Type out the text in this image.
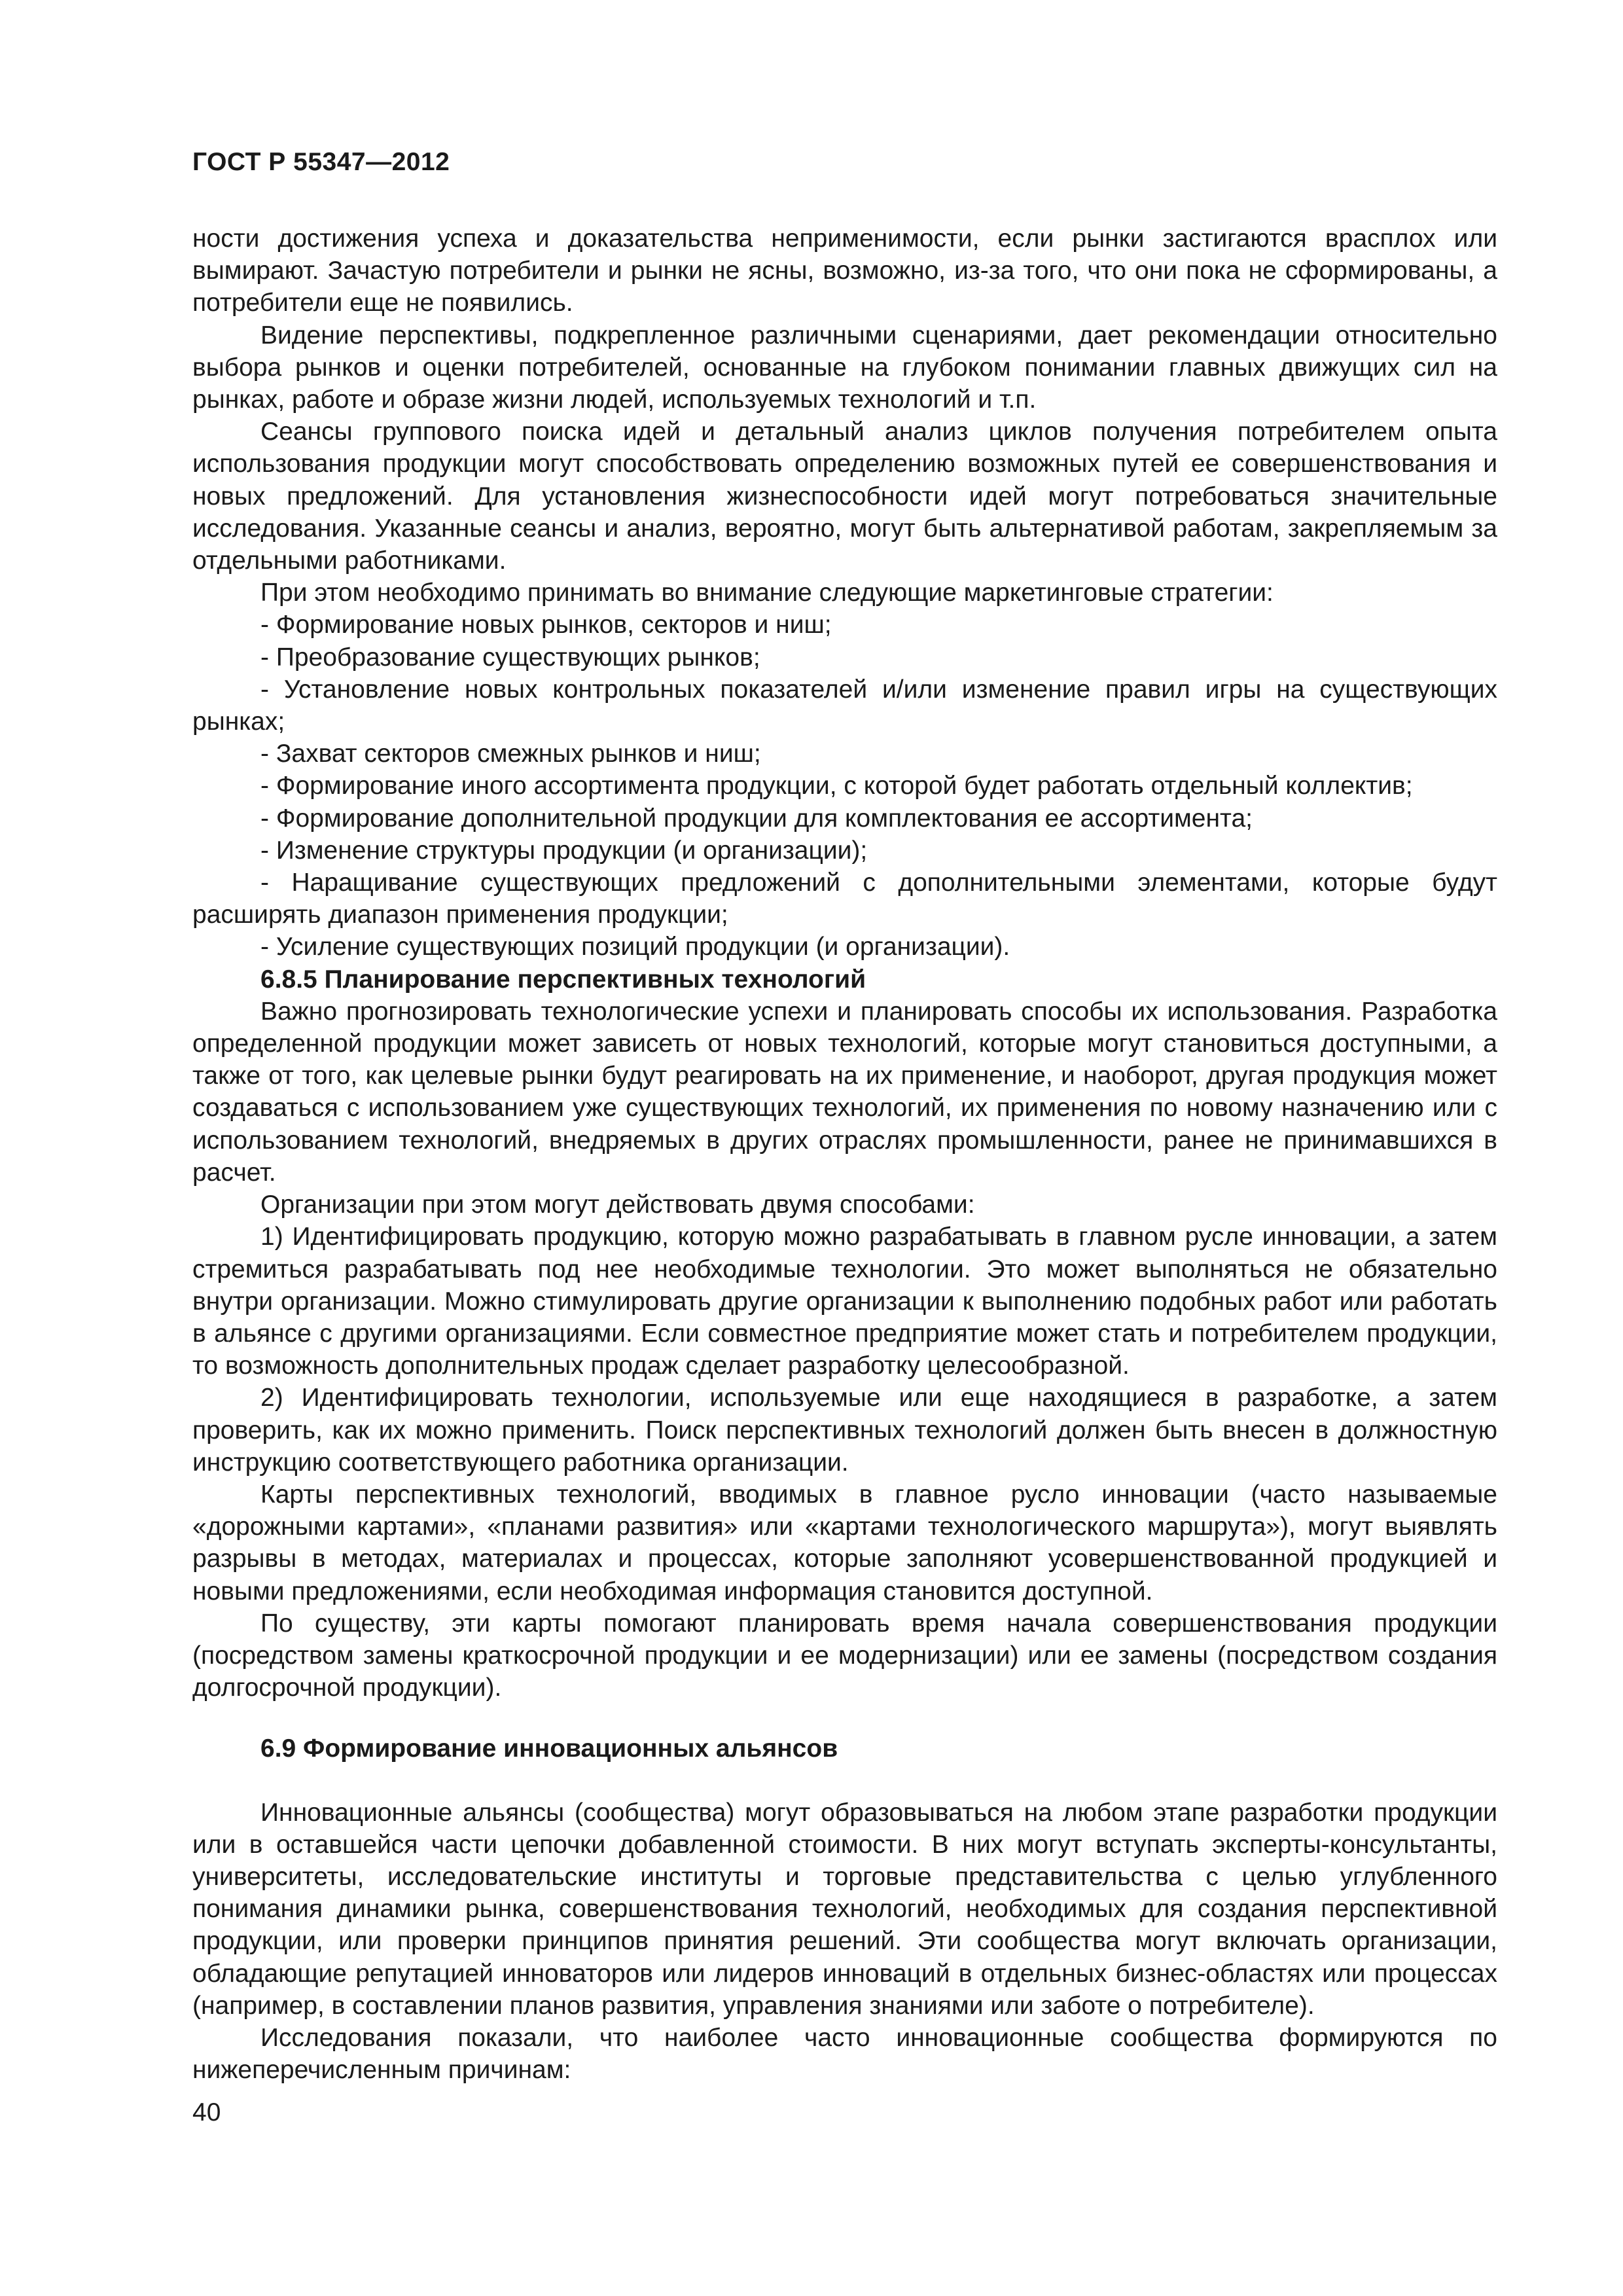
ГОСТ Р 55347—2012

ности достижения успеха и доказательства неприменимости, если рынки застигаются врасплох или вымирают. Зачастую потребители и рынки не ясны, возможно, из-за того, что они пока не сформированы, а потребители еще не появились.

Видение перспективы, подкрепленное различными сценариями, дает рекомендации относительно выбора рынков и оценки потребителей, основанные на глубоком понимании главных движущих сил на рынках, работе и образе жизни людей, используемых технологий и т.п.

Сеансы группового поиска идей и детальный анализ циклов получения потребителем опыта использования продукции могут способствовать определению возможных путей ее совершенствования и новых предложений. Для установления жизнеспособности идей могут потребоваться значительные исследования. Указанные сеансы и анализ, вероятно, могут быть альтернативой работам, закрепляемым за отдельными работниками.

При этом необходимо принимать во внимание следующие маркетинговые стратегии:

- Формирование новых рынков, секторов и ниш;

- Преобразование существующих рынков;

- Установление новых контрольных показателей и/или изменение правил игры на существующих рынках;

- Захват секторов смежных рынков и ниш;

- Формирование иного ассортимента продукции, с которой будет работать отдельный коллектив;

- Формирование дополнительной продукции для комплектования ее ассортимента;

- Изменение структуры продукции (и организации);

- Наращивание существующих предложений с дополнительными элементами, которые будут расширять диапазон применения продукции;

- Усиление существующих позиций продукции (и организации).

6.8.5 Планирование перспективных технологий

Важно прогнозировать технологические успехи и планировать способы их использования. Разработка определенной продукции может зависеть от новых технологий, которые могут становиться доступными, а также от того, как целевые рынки будут реагировать на их применение, и наоборот, другая продукция может создаваться с использованием уже существующих технологий, их применения по новому назначению или с использованием технологий, внедряемых в других отраслях промышленности, ранее не принимавшихся в расчет.

Организации при этом могут действовать двумя способами:

1) Идентифицировать продукцию, которую можно разрабатывать в главном русле инновации, а затем стремиться разрабатывать под нее необходимые технологии. Это может выполняться не обязательно внутри организации. Можно стимулировать другие организации к выполнению подобных работ или работать в альянсе с другими организациями. Если совместное предприятие может стать и потребителем продукции, то возможность дополнительных продаж сделает разработку целесообразной.

2) Идентифицировать технологии, используемые или еще находящиеся в разработке, а затем проверить, как их можно применить. Поиск перспективных технологий должен быть внесен в должностную инструкцию соответствующего работника организации.

Карты перспективных технологий, вводимых в главное русло инновации (часто называемые «дорожными картами», «планами развития» или «картами технологического маршрута»), могут выявлять разрывы в методах, материалах и процессах, которые заполняют усовершенствованной продукцией и новыми предложениями, если необходимая информация становится доступной.

По существу, эти карты помогают планировать время начала совершенствования продукции (посредством замены краткосрочной продукции и ее модернизации) или ее замены (посредством создания долгосрочной продукции).

6.9 Формирование инновационных альянсов

Инновационные альянсы (сообщества) могут образовываться на любом этапе разработки продукции или в оставшейся части цепочки добавленной стоимости. В них могут вступать эксперты-консультанты, университеты, исследовательские институты и торговые представительства с целью углубленного понимания динамики рынка, совершенствования технологий, необходимых для создания перспективной продукции, или проверки принципов принятия решений. Эти сообщества могут включать организации, обладающие репутацией инноваторов или лидеров инноваций в отдельных бизнес-областях или процессах (например, в составлении планов развития, управления знаниями или заботе о потребителе).

Исследования показали, что наиболее часто инновационные сообщества формируются по нижеперечисленным причинам:

40
